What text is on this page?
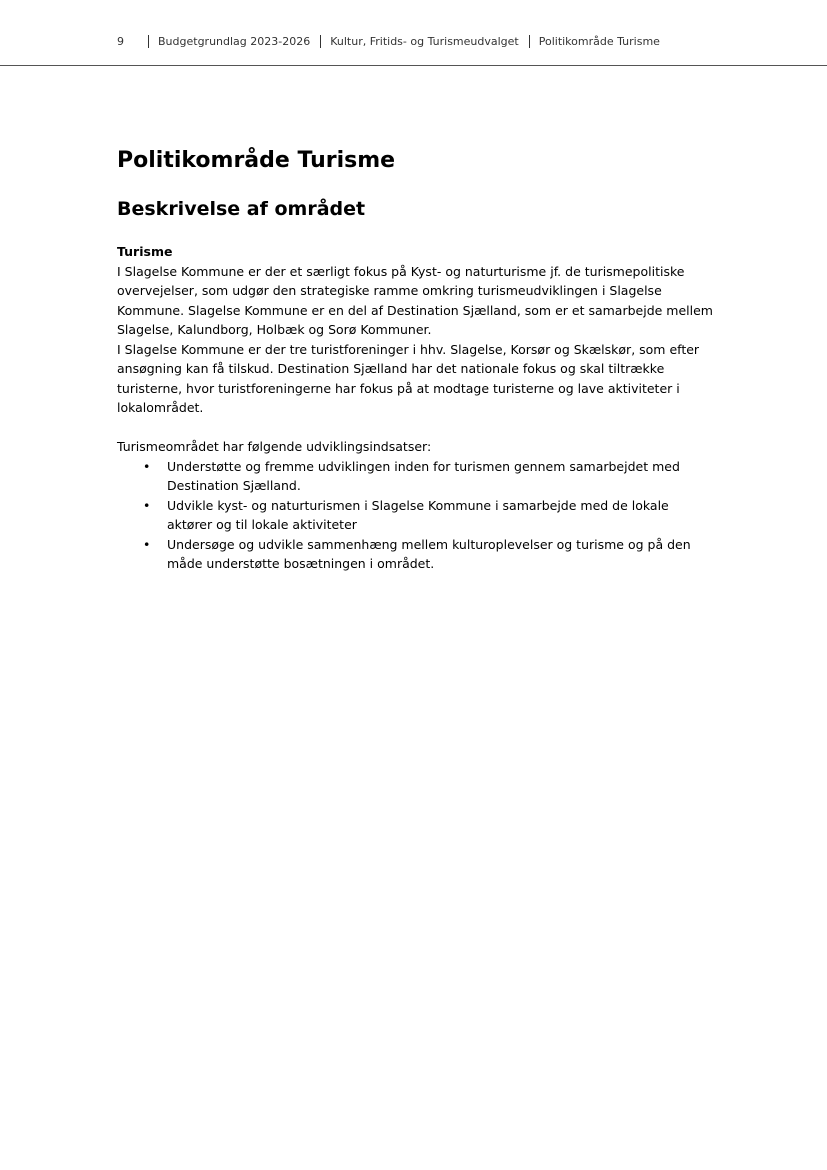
9	Budgetgrundlag 2023-2026 Kultur, Fritids- og Turismeudvalget Politikområde Turisme
Politikområde Turisme
Beskrivelse af området
Turisme

I Slagelse Kommune er der et særligt fokus på Kyst- og naturturisme jf. de turismepolitiske overvejelser, som udgør den strategiske ramme omkring turismeudviklingen i Slagelse Kommune. Slagelse Kommune er en del af Destination Sjælland, som er et samarbejde mellem Slagelse, Kalundborg, Holbæk og Sorø Kommuner.

I Slagelse Kommune er der tre turistforeninger i hhv. Slagelse, Korsør og Skælskør, som efter ansøgning kan få tilskud. Destination Sjælland har det nationale fokus og skal tiltrække turisterne, hvor turistforeningerne har fokus på at modtage turisterne og lave aktiviteter i lokalområdet.

Turismeområdet har følgende udviklingsindsatser:

• Understøtte og fremme udviklingen inden for turismen gennem samarbejdet med Destination Sjælland.
• Udvikle kyst- og naturturismen i Slagelse Kommune i samarbejde med de lokale aktører og til lokale aktiviteter
• Undersøge og udvikle sammenhæng mellem kulturoplevelser og turisme og på den måde understøtte bosætningen i området.
